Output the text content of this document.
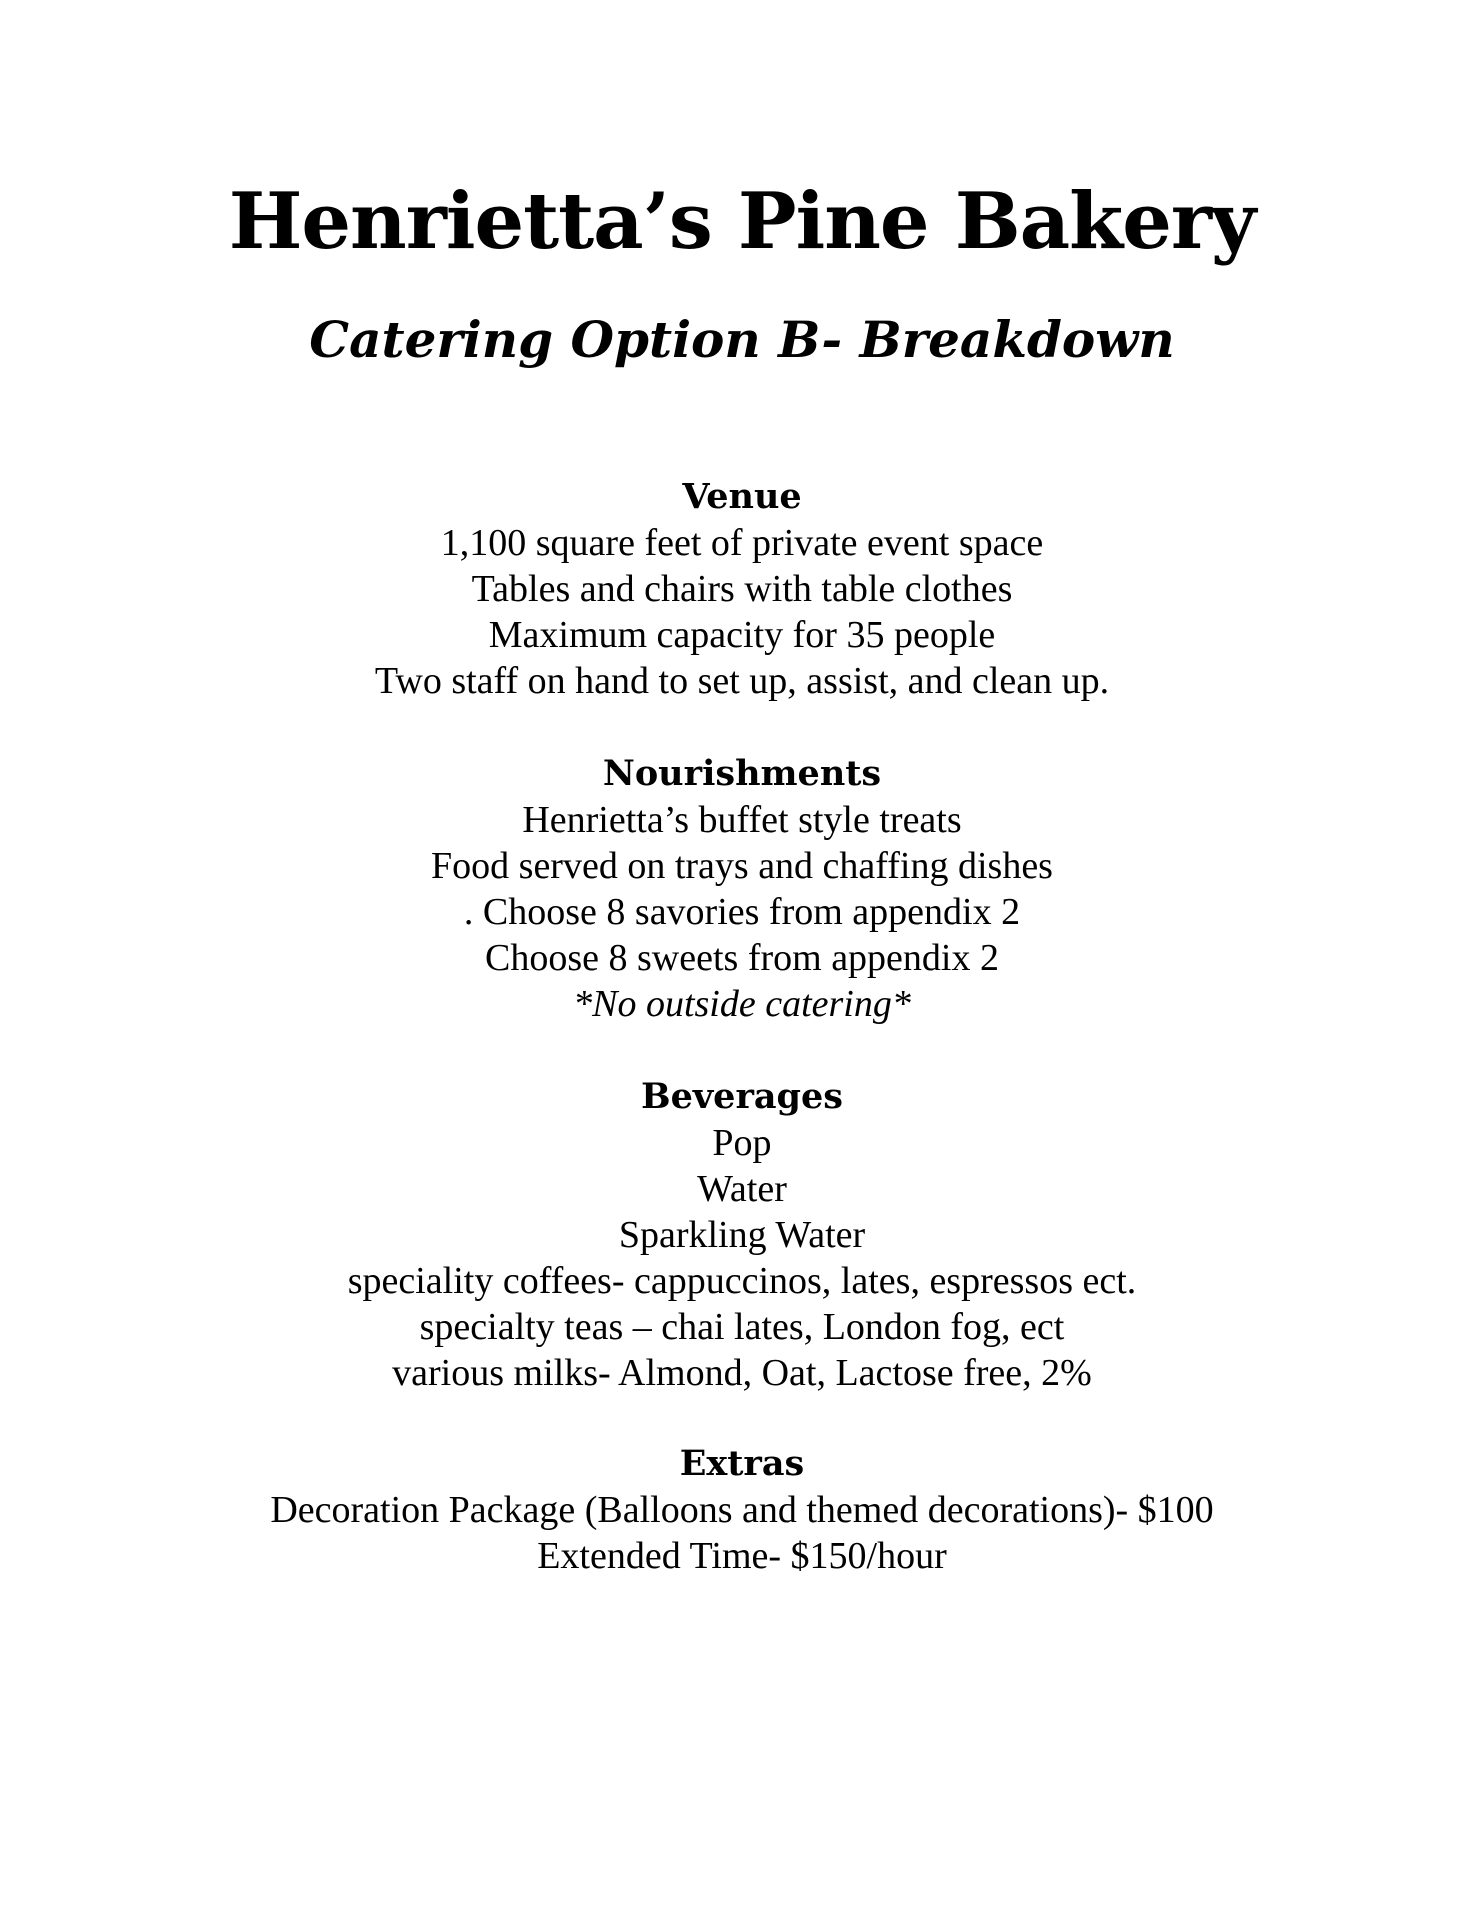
Henrietta’s Pine Bakery
Catering Option B- Breakdown

Venue

1,100 square feet of private event space

Tables and chairs with table clothes

Maximum capacity for 35 people

Two staff on hand to set up, assist, and clean up.

Nourishments

Henrietta’s buffet style treats

Food served on trays and chaffing dishes

. Choose 8 savories from appendix 2

Choose 8 sweets from appendix 2

*No outside catering*

Beverages

Pop

Water

Sparkling Water

speciality coffees- cappuccinos, lates, espressos ect.

specialty teas – chai lates, London fog, ect

various milks- Almond, Oat, Lactose free, 2%

Extras

Decoration Package (Balloons and themed decorations)- $100

Extended Time- $150/hour
